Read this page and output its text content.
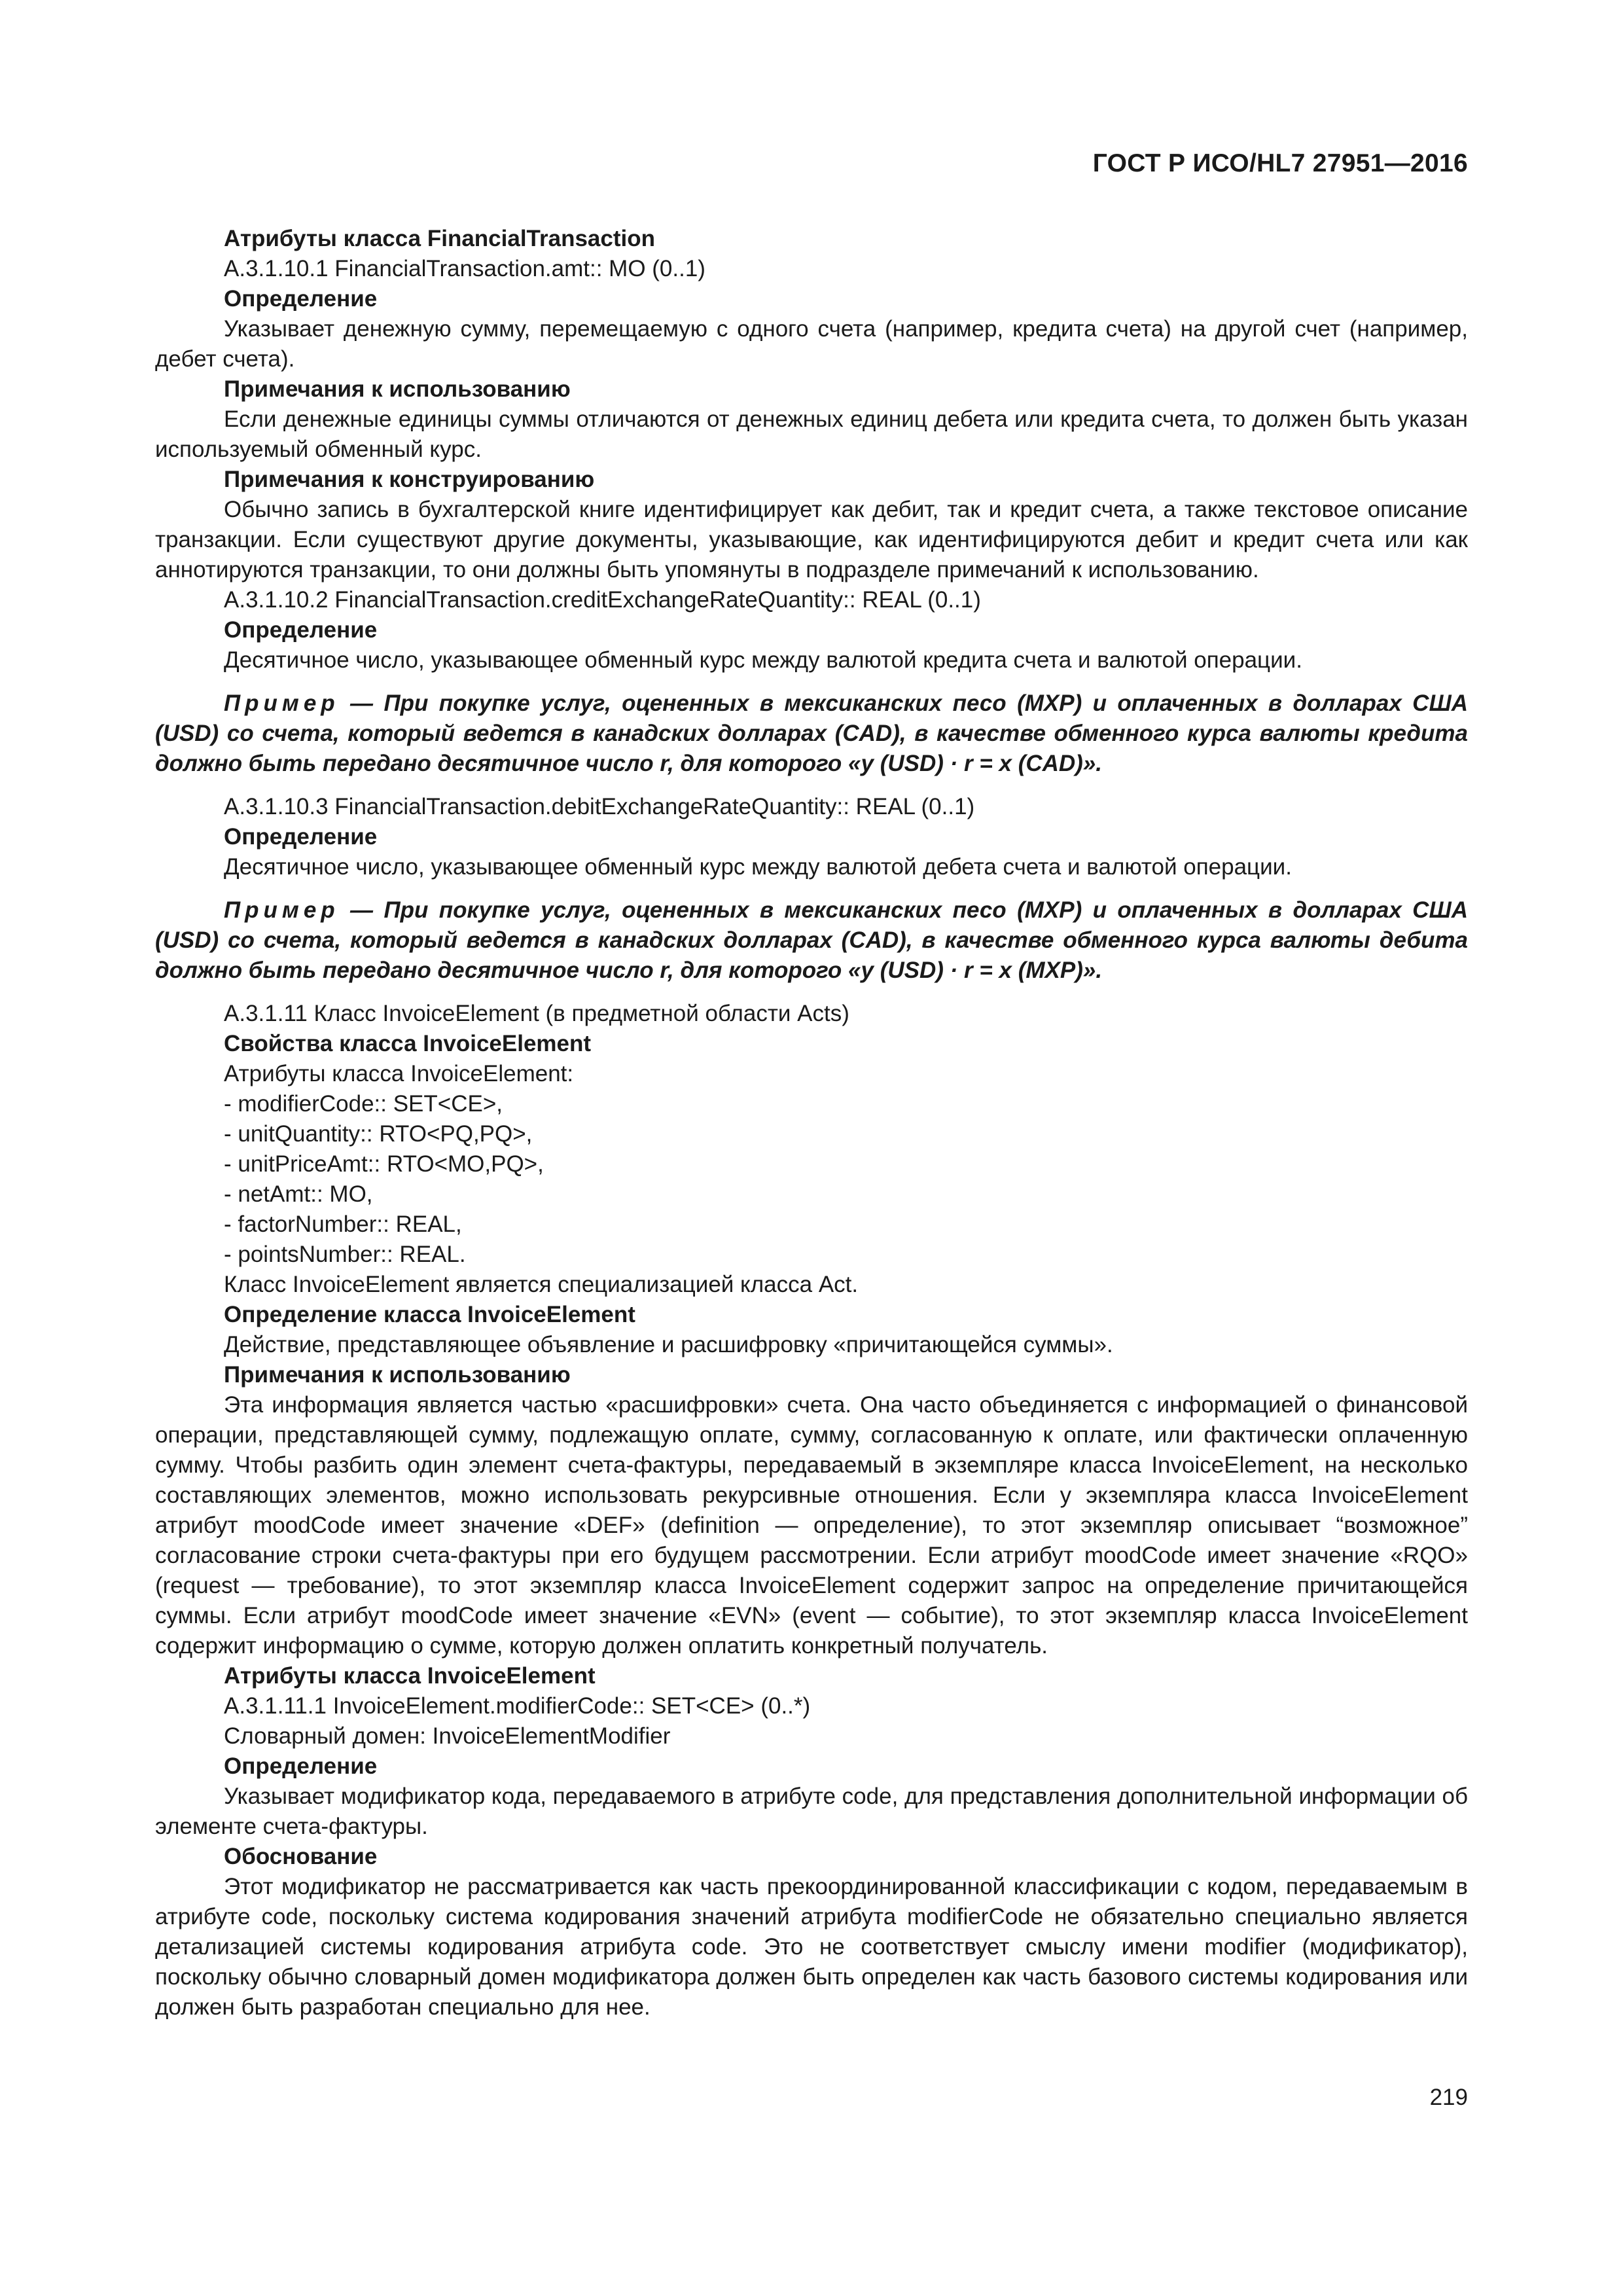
ГОСТ Р ИСО/HL7 27951—2016

Атрибуты класса FinancialTransaction

А.3.1.10.1 FinancialTransaction.amt:: MO (0..1)

Определение

Указывает денежную сумму, перемещаемую с одного счета (например, кредита счета) на другой счет (например, дебет счета).

Примечания к использованию

Если денежные единицы суммы отличаются от денежных единиц дебета или кредита счета, то должен быть указан используемый обменный курс.

Примечания к конструированию

Обычно запись в бухгалтерской книге идентифицирует как дебит, так и кредит счета, а также текстовое описание транзакции. Если существуют другие документы, указывающие, как идентифицируются дебит и кредит счета или как аннотируются транзакции, то они должны быть упомянуты в подразделе примечаний к использованию.

А.3.1.10.2 FinancialTransaction.creditExchangeRateQuantity:: REAL (0..1)

Определение

Десятичное число, указывающее обменный курс между валютой кредита счета и валютой операции.

Пример — При покупке услуг, оцененных в мексиканских песо (MXP) и оплаченных в долларах США (USD) со счета, который ведется в канадских долларах (CAD), в качестве обменного курса валюты кредита должно быть передано десятичное число r, для которого «y (USD) · r = x (CAD)».

А.3.1.10.3 FinancialTransaction.debitExchangeRateQuantity:: REAL (0..1)

Определение

Десятичное число, указывающее обменный курс между валютой дебета счета и валютой операции.

Пример — При покупке услуг, оцененных в мексиканских песо (MXP) и оплаченных в долларах США (USD) со счета, который ведется в канадских долларах (CAD), в качестве обменного курса валюты дебита должно быть передано десятичное число r, для которого «y (USD) · r = x (MXP)».

А.3.1.11 Класс InvoiceElement (в предметной области Acts)

Свойства класса InvoiceElement

Атрибуты класса InvoiceElement:

- modifierCode:: SET<CE>,
- unitQuantity:: RTO<PQ,PQ>,
- unitPriceAmt:: RTO<MO,PQ>,
- netAmt:: MO,
- factorNumber:: REAL,
- pointsNumber:: REAL.

Класс InvoiceElement является специализацией класса Act.

Определение класса InvoiceElement

Действие, представляющее объявление и расшифровку «причитающейся суммы».

Примечания к использованию

Эта информация является частью «расшифровки» счета. Она часто объединяется с информацией о финансовой операции, представляющей сумму, подлежащую оплате, сумму, согласованную к оплате, или фактически оплаченную сумму. Чтобы разбить один элемент счета-фактуры, передаваемый в экземпляре класса InvoiceElement, на несколько составляющих элементов, можно использовать рекурсивные отношения. Если у экземпляра класса InvoiceElement атрибут moodCode имеет значение «DEF» (definition — определение), то этот экземпляр описывает “возможное” согласование строки счета-фактуры при его будущем рассмотрении. Если атрибут moodCode имеет значение «RQO» (request — требование), то этот экземпляр класса InvoiceElement содержит запрос на определение причитающейся суммы. Если атрибут moodCode имеет значение «EVN» (event — событие), то этот экземпляр класса InvoiceElement содержит информацию о сумме, которую должен оплатить конкретный получатель.

Атрибуты класса InvoiceElement

А.3.1.11.1 InvoiceElement.modifierCode:: SET<CE> (0..*)

Словарный домен: InvoiceElementModifier

Определение

Указывает модификатор кода, передаваемого в атрибуте code, для представления дополнительной информации об элементе счета-фактуры.

Обоснование

Этот модификатор не рассматривается как часть прекоординированной классификации с кодом, передаваемым в атрибуте code, поскольку система кодирования значений атрибута modifierCode не обязательно специально является детализацией системы кодирования атрибута code. Это не соответствует смыслу имени modifier (модификатор), поскольку обычно словарный домен модификатора должен быть определен как часть базового системы кодирования или должен быть разработан специально для нее.

219
